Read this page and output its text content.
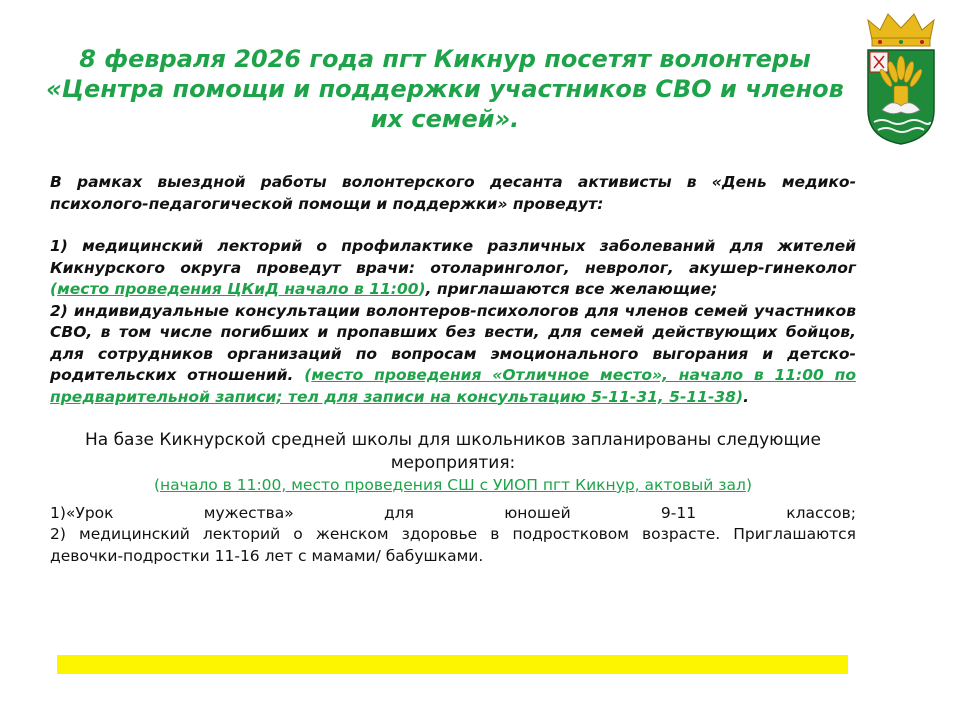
8 февраля 2026 года пгт Кикнур посетят волонтеры «Центра помощи и поддержки участников СВО и членов их семей».

В рамках выездной работы волонтерского десанта активисты в «День медико-психолого-педагогической помощи и поддержки» проведут:

1) медицинский лекторий о профилактике различных заболеваний для жителей Кикнурского округа проведут врачи: отоларинголог, невролог, акушер-гинеколог (место проведения ЦКиД начало в 11:00), приглашаются все желающие;

2) индивидуальные консультации волонтеров-психологов для членов семей участников СВО, в том числе погибших и пропавших без вести, для семей действующих бойцов, для сотрудников организаций по вопросам эмоционального выгорания и детско-родительских отношений. (место проведения «Отличное место», начало в 11:00 по предварительной записи; тел для записи на консультацию 5-11-31, 5-11-38).

На базе Кикнурской средней школы для школьников запланированы следующие мероприятия:

(начало в 11:00, место проведения СШ с УИОП пгт Кикнур, актовый зал)

1)«Урок	мужества»	для	юношей	9-11	классов;

2) медицинский лекторий о женском здоровье в подростковом возрасте. Приглашаются девочки-подростки 11-16 лет с мамами/ бабушками.
